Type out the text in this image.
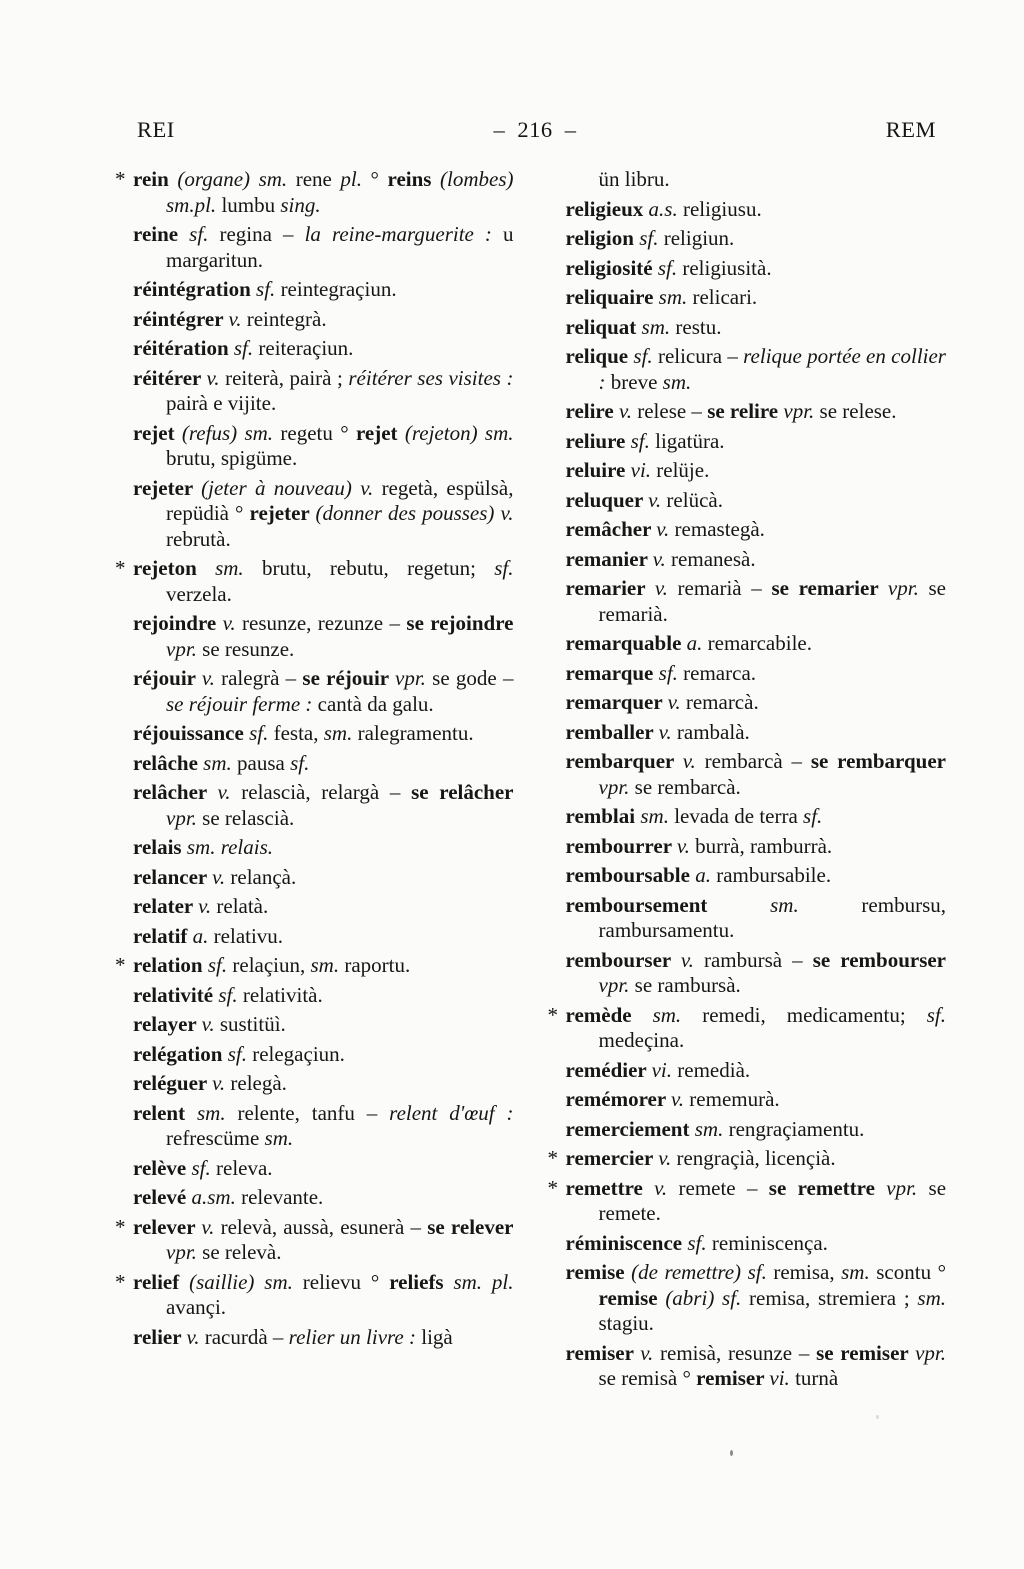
REI	– 216 –	REM

* rein (organe) sm. rene pl. ° reins (lombes) sm.pl. lumbu sing.

reine sf. regina – la reine-marguerite : u margaritun.

réintégration sf. reintegraçiun.

réintégrer v. reintegrà.

réitération sf. reiteraçiun.

réitérer v. reiterà, pairà ; réitérer ses visites : pairà e vijite.

rejet (refus) sm. regetu ° rejet (rejeton) sm. brutu, spigüme.

rejeter (jeter à nouveau) v. regetà, espülsà, repüdià ° rejeter (donner des pousses) v. rebrutà.

* rejeton sm. brutu, rebutu, regetun; sf. verzela.

rejoindre v. resunze, rezunze – se rejoindre vpr. se resunze.

réjouir v. ralegrà – se réjouir vpr. se gode – se réjouir ferme : cantà da galu.

réjouissance sf. festa, sm. ralegramentu.

relâche sm. pausa sf.

relâcher v. relascià, relargà – se relâcher vpr. se relascià.

relais sm. relais.

relancer v. relançà.

relater v. relatà.

relatif a. relativu.

* relation sf. relaçiun, sm. raportu.

relativité sf. relatività.

relayer v. sustitüì.

relégation sf. relegaçiun.

reléguer v. relegà.

relent sm. relente, tanfu – relent d'œuf : refrescüme sm.

relève sf. releva.

relevé a.sm. relevante.

* relever v. relevà, aussà, esunerà – se relever vpr. se relevà.

* relief (saillie) sm. relievu ° reliefs sm. pl. avançi.

relier v. racurdà – relier un livre : ligà

ün libru.

religieux a.s. religiusu.

religion sf. religiun.

religiosité sf. religiusità.

reliquaire sm. relicari.

reliquat sm. restu.

relique sf. relicura – relique portée en collier : breve sm.

relire v. relese – se relire vpr. se relese.

reliure sf. ligatüra.

reluire vi. relüje.

reluquer v. relücà.

remâcher v. remastegà.

remanier v. remanesà.

remarier v. remarià – se remarier vpr. se remarià.

remarquable a. remarcabile.

remarque sf. remarca.

remarquer v. remarcà.

remballer v. rambalà.

rembarquer v. rembarcà – se rembarquer vpr. se rembarcà.

remblai sm. levada de terra sf.

rembourrer v. burrà, ramburrà.

remboursable a. rambursabile.

remboursement sm. rembursu, rambursamentu.

rembourser v. rambursà – se rembourser vpr. se rambursà.

* remède sm. remedi, medicamentu; sf. medeçina.

remédier vi. remedià.

remémorer v. rememurà.

remerciement sm. rengraçiamentu.

* remercier v. rengraçià, licençià.

* remettre v. remete – se remettre vpr. se remete.

réminiscence sf. reminiscença.

remise (de remettre) sf. remisa, sm. scontu ° remise (abri) sf. remisa, stremiera ; sm. stagiu.

remiser v. remisà, resunze – se remiser vpr. se remisà ° remiser vi. turnà
